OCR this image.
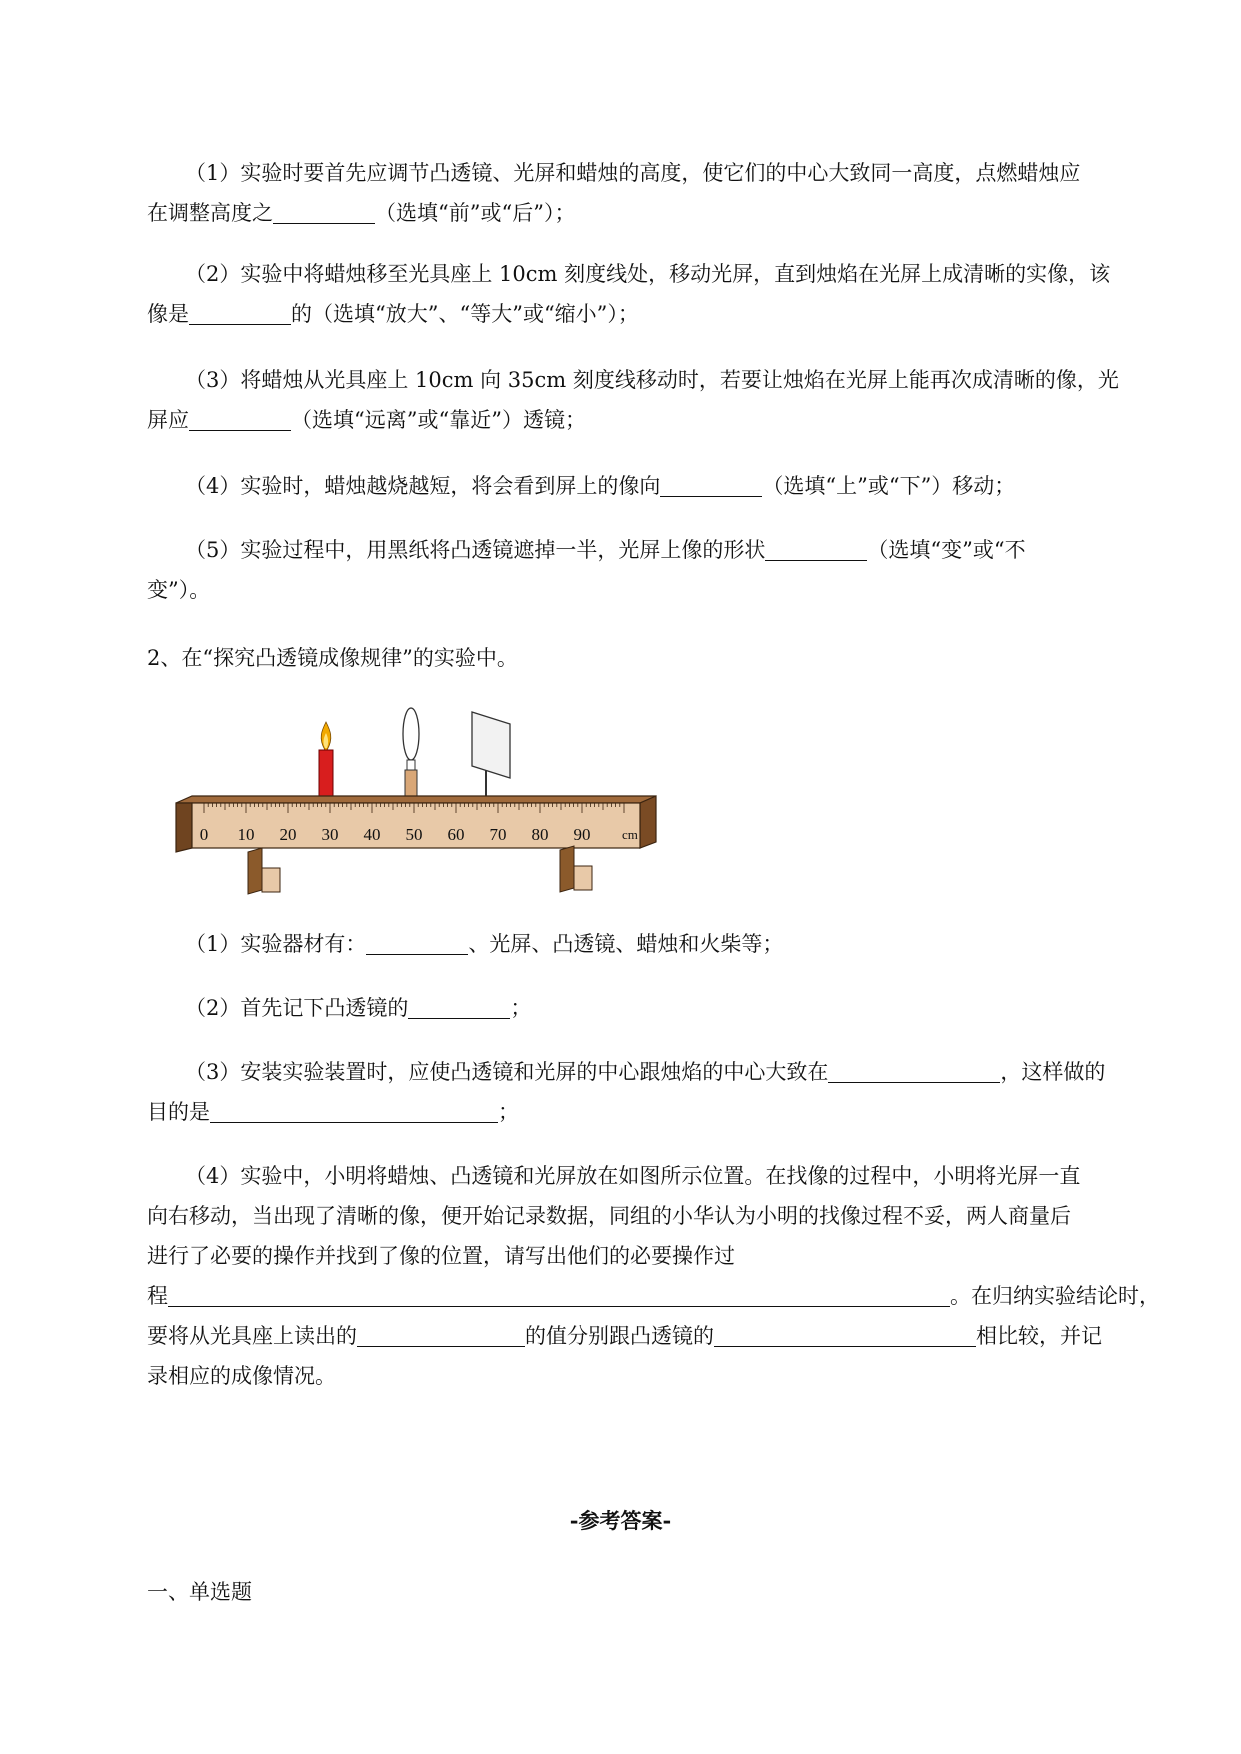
（1）实验时要首先应调节凸透镜、光屏和蜡烛的高度，使它们的中心大致同一高度，点燃蜡烛应
在调整高度之	（选填“前”或“后”）；
（2）实验中将蜡烛移至光具座上 10cm 刻度线处，移动光屏，直到烛焰在光屏上成清晰的实像，该
像是	的（选填“放大”、“等大”或“缩小”）；
（3）将蜡烛从光具座上 10cm 向 35cm 刻度线移动时，若要让烛焰在光屏上能再次成清晰的像，光
屏应	（选填“远离”或“靠近”）透镜；
（4）实验时，蜡烛越烧越短，将会看到屏上的像向	（选填“上”或“下”）移动；
（5）实验过程中，用黑纸将凸透镜遮掉一半，光屏上像的形状	（选填“变”或“不
变”）。
2、在“探究凸透镜成像规律”的实验中。
0 10 20 30 40 50 60 70 80 90 cm
（1）实验器材有：	、光屏、凸透镜、蜡烛和火柴等；
（2）首先记下凸透镜的	；
（3）安装实验装置时，应使凸透镜和光屏的中心跟烛焰的中心大致在	，这样做的
目的是	；
（4）实验中，小明将蜡烛、凸透镜和光屏放在如图所示位置。在找像的过程中，小明将光屏一直
向右移动，当出现了清晰的像，便开始记录数据，同组的小华认为小明的找像过程不妥，两人商量后
进行了必要的操作并找到了像的位置，请写出他们的必要操作过
程	。在归纳实验结论时，
要将从光具座上读出的	的值分别跟凸透镜的	相比较，并记
录相应的成像情况。
-参考答案-
一、单选题
